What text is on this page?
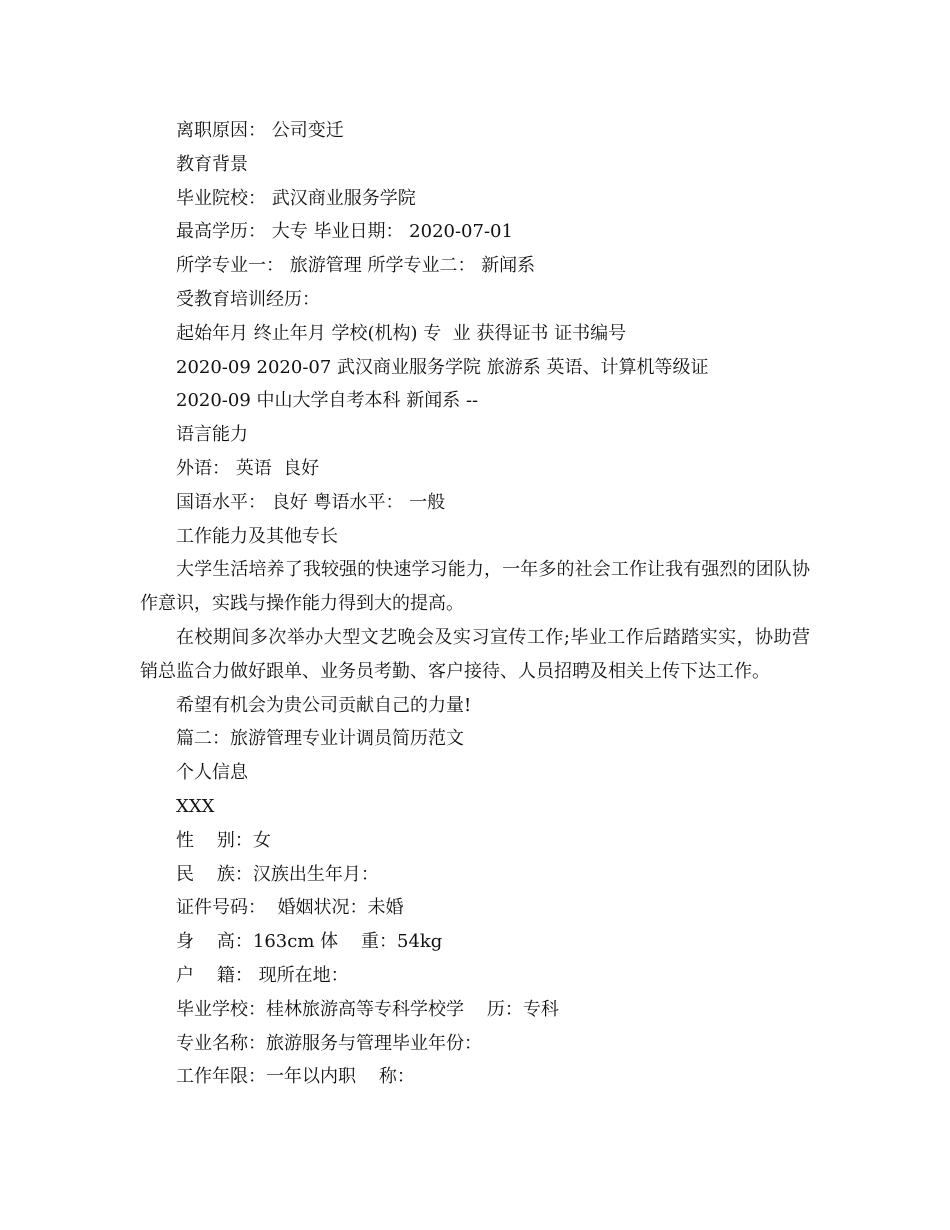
离职原因： 公司变迁
教育背景
毕业院校： 武汉商业服务学院
最高学历： 大专 毕业日期： 2020-07-01
所学专业一： 旅游管理 所学专业二： 新闻系
受教育培训经历：
起始年月 终止年月 学校(机构) 专  业 获得证书 证书编号
2020-09 2020-07 武汉商业服务学院 旅游系 英语、计算机等级证
2020-09 中山大学自考本科 新闻系 --
语言能力
外语： 英语  良好
国语水平： 良好 粤语水平： 一般
工作能力及其他专长
大学生活培养了我较强的快速学习能力，一年多的社会工作让我有强烈的团队协作意识，实践与操作能力得到大的提高。
在校期间多次举办大型文艺晚会及实习宣传工作;毕业工作后踏踏实实，协助营销总监合力做好跟单、业务员考勤、客户接待、人员招聘及相关上传下达工作。
希望有机会为贵公司贡献自己的力量!
篇二：旅游管理专业计调员简历范文
个人信息
XXX
性    别：女
民    族：汉族出生年月：
证件号码：  婚姻状况：未婚
身    高：163cm 体    重：54kg
户    籍： 现所在地：
毕业学校：桂林旅游高等专科学校学    历：专科
专业名称：旅游服务与管理毕业年份：
工作年限：一年以内职    称：
